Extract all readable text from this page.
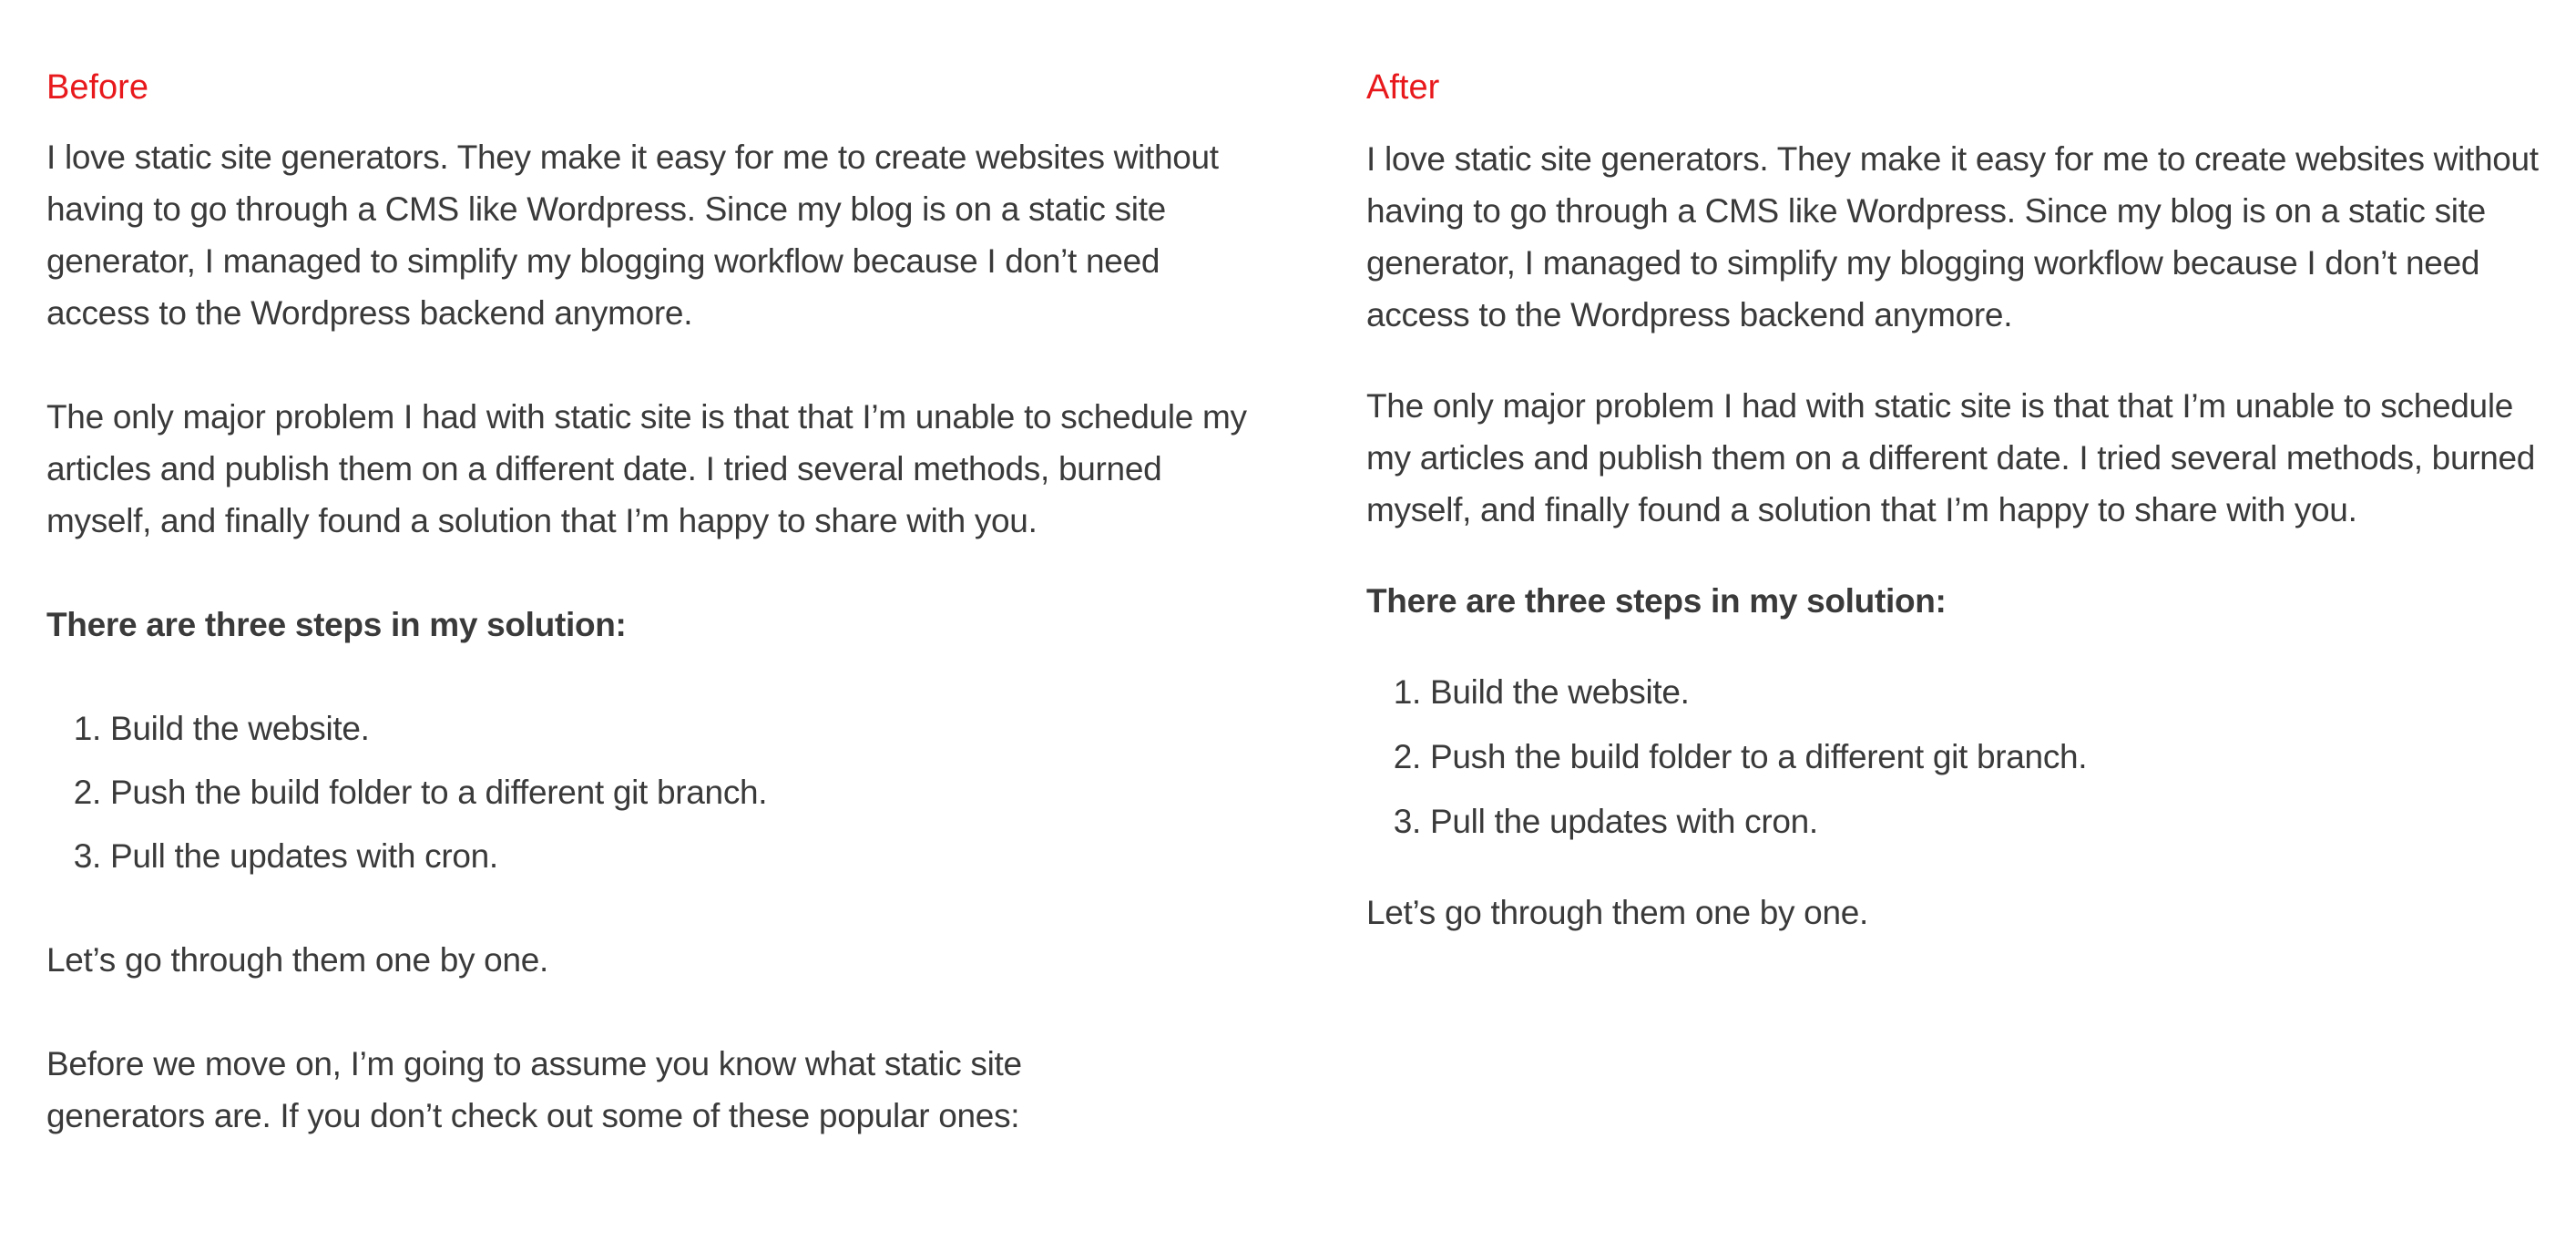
Before

I love static site generators. They make it easy for me to create websites without having to go through a CMS like Wordpress. Since my blog is on a static site generator, I managed to simplify my blogging workflow because I don’t need access to the Wordpress backend anymore.

The only major problem I had with static site is that that I’m unable to schedule my articles and publish them on a different date. I tried several methods, burned myself, and finally found a solution that I’m happy to share with you.

There are three steps in my solution:

1. Build the website.
2. Push the build folder to a different git branch.
3. Pull the updates with cron.

Let’s go through them one by one.

Before we move on, I’m going to assume you know what static site generators are. If you don’t check out some of these popular ones:

After

I love static site generators. They make it easy for me to create websites without having to go through a CMS like Wordpress. Since my blog is on a static site generator, I managed to simplify my blogging workflow because I don’t need access to the Wordpress backend anymore.

The only major problem I had with static site is that that I’m unable to schedule my articles and publish them on a different date. I tried several methods, burned myself, and finally found a solution that I’m happy to share with you.

There are three steps in my solution:

1. Build the website.
2. Push the build folder to a different git branch.
3. Pull the updates with cron.

Let’s go through them one by one.
